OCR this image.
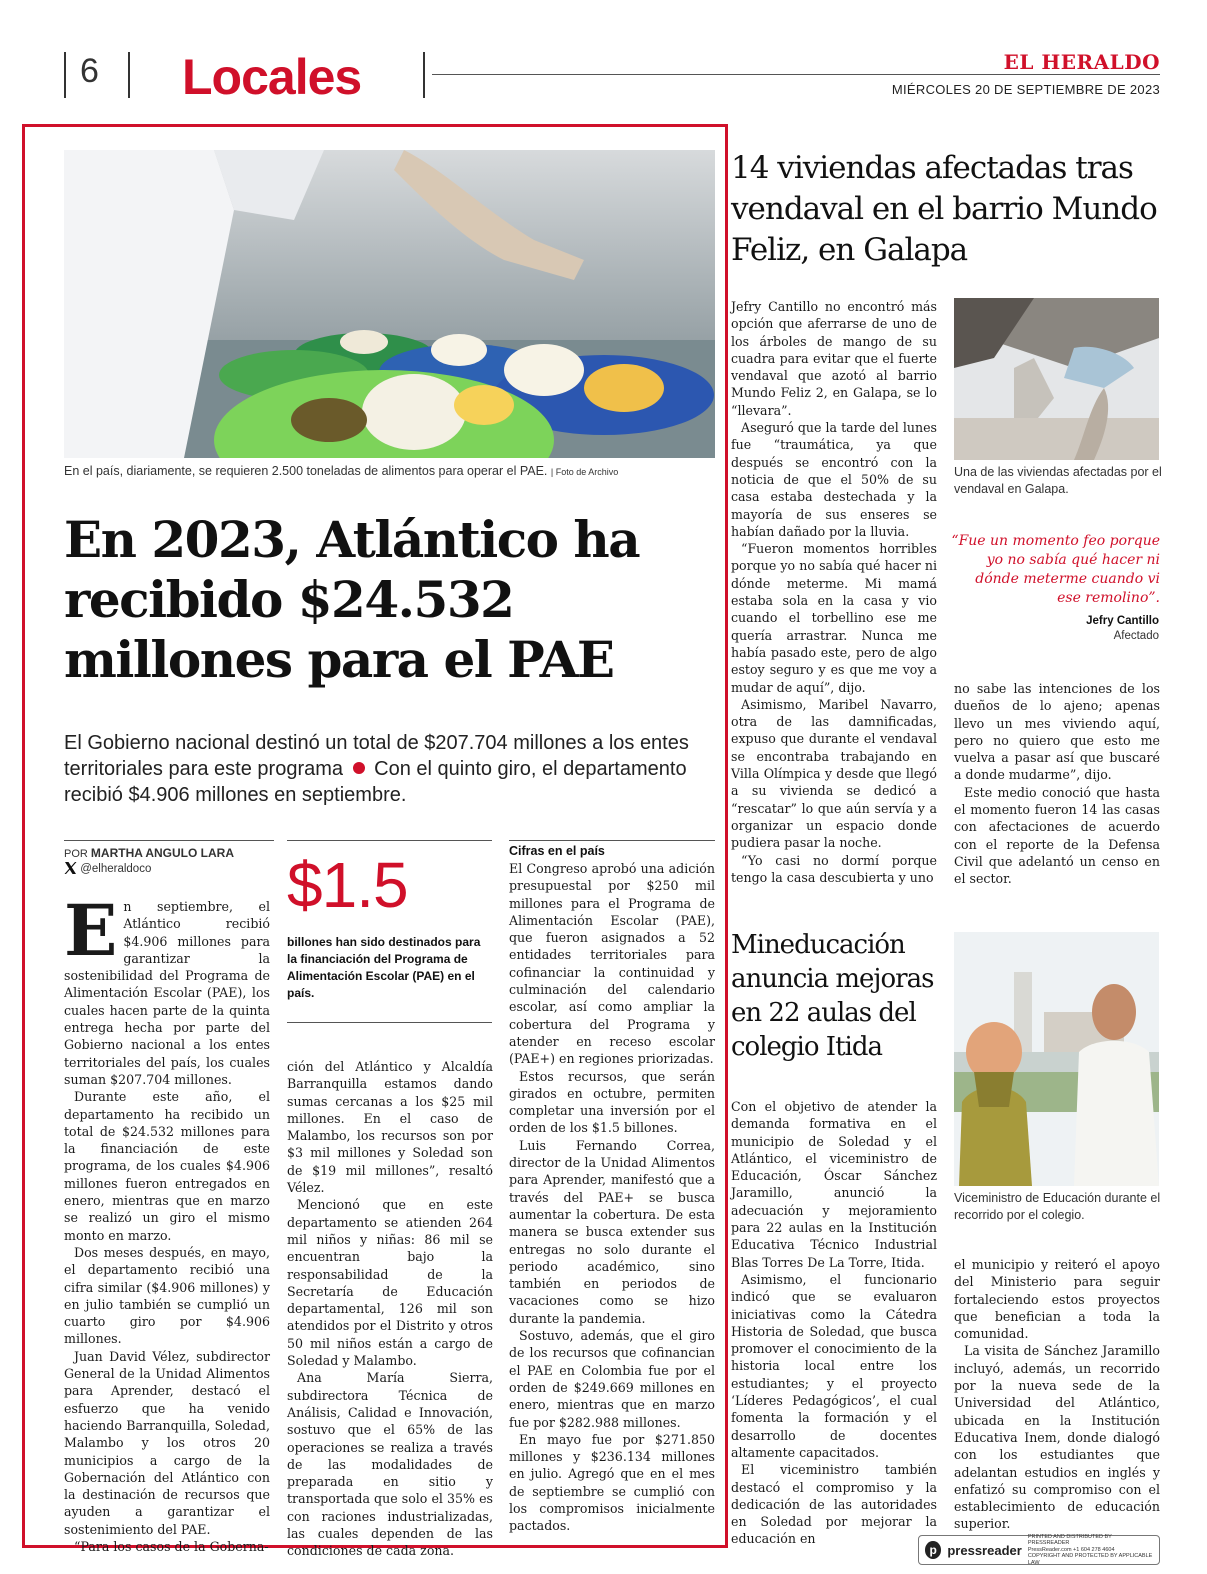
6 Locales	EL HERALDO
MIÉRCOLES 20 DE SEPTIEMBRE DE 2023
En el país, diariamente, se requieren 2.500 toneladas de alimentos para operar el PAE. | Foto de Archivo
En 2023, Atlántico ha recibido $24.532 millones para el PAE
El Gobierno nacional destinó un total de $207.704 millones a los entes territoriales para este programa Con el quinto giro, el departamento recibió $4.906 millones en septiembre.
POR MARTHA ANGULO LARA
@elheraldoco

En septiembre, el Atlántico recibió $4.906 millones para garantizar la sostenibilidad del Programa de Alimentación Escolar (PAE), los cuales hacen parte de la quinta entrega hecha por parte del Gobierno nacional a los entes territoriales del país, los cuales suman $207.704 millones.

Durante este año, el departamento ha recibido un total de $24.532 millones para la financiación de este programa, de los cuales $4.906 millones fueron entregados en enero, mientras que en marzo se realizó un giro el mismo monto en marzo.

Dos meses después, en mayo, el departamento recibió una cifra similar ($4.906 millones) y en julio también se cumplió un cuarto giro por $4.906 millones.

Juan David Vélez, subdirector General de la Unidad Alimentos para Aprender, destacó el esfuerzo que ha venido haciendo Barranquilla, Soledad, Malambo y los otros 20 municipios a cargo de la Gobernación del Atlántico con la destinación de recursos que ayuden a garantizar el sostenimiento del PAE.

“Para los casos de la Goberna-

$1.5
billones han sido destinados para la financiación del Programa de Alimentación Escolar (PAE) en el país.

ción del Atlántico y Alcaldía Barranquilla estamos dando sumas cercanas a los $25 mil millones. En el caso de Malambo, los recursos son por $3 mil millones y Soledad son de $19 mil millones”, resaltó Vélez.

Mencionó que en este departamento se atienden 264 mil niños y niñas: 86 mil se encuentran bajo la responsabilidad de la Secretaría de Educación departamental, 126 mil son atendidos por el Distrito y otros 50 mil niños están a cargo de Soledad y Malambo.

Ana María Sierra, subdirectora Técnica de Análisis, Calidad e Innovación, sostuvo que el 65% de las operaciones se realiza a través de las modalidades de preparada en sitio y transportada que solo el 35% es con raciones industrializadas, las cuales dependen de las condiciones de cada zona.

Cifras en el país

El Congreso aprobó una adición presupuestal por $250 mil millones para el Programa de Alimentación Escolar (PAE), que fueron asignados a 52 entidades territoriales para cofinanciar la continuidad y culminación del calendario escolar, así como ampliar la cobertura del Programa y atender en receso escolar (PAE+) en regiones priorizadas.

Estos recursos, que serán girados en octubre, permiten completar una inversión por el orden de los $1.5 billones.

Luis Fernando Correa, director de la Unidad Alimentos para Aprender, manifestó que a través del PAE+ se busca aumentar la cobertura. De esta manera se busca extender sus entregas no solo durante el periodo académico, sino también en periodos de vacaciones como se hizo durante la pandemia.

Sostuvo, además, que el giro de los recursos que cofinancian el PAE en Colombia fue por el orden de $249.669 millones en enero, mientras que en marzo fue por $282.988 millones.

En mayo fue por $271.850 millones y $236.134 millones en julio. Agregó que en el mes de septiembre se cumplió con los compromisos inicialmente pactados.

14 viviendas afectadas tras vendaval en el barrio Mundo Feliz, en Galapa

Jefry Cantillo no encontró más opción que aferrarse de uno de los árboles de mango de su cuadra para evitar que el fuerte vendaval que azotó al barrio Mundo Feliz 2, en Galapa, se lo “llevara”.

Aseguró que la tarde del lunes fue “traumática, ya que después se encontró con la noticia de que el 50% de su casa estaba destechada y la mayoría de sus enseres se habían dañado por la lluvia.

“Fueron momentos horribles porque yo no sabía qué hacer ni dónde meterme. Mi mamá estaba sola en la casa y vio cuando el torbellino ese me quería arrastrar. Nunca me había pasado este, pero de algo estoy seguro y es que me voy a mudar de aquí”, dijo.

Asimismo, Maribel Navarro, otra de las damnificadas, expuso que durante el vendaval se encontraba trabajando en Villa Olímpica y desde que llegó a su vivienda se dedicó a “rescatar” lo que aún servía y a organizar un espacio donde pudiera pasar la noche.

“Yo casi no dormí porque tengo la casa descubierta y uno

Una de las viviendas afectadas por el vendaval en Galapa.
“Fue un momento feo porque yo no sabía qué hacer ni dónde meterme cuando vi ese remolino”.
Jefry Cantillo
Afectado

no sabe las intenciones de los dueños de lo ajeno; apenas llevo un mes viviendo aquí, pero no quiero que esto me vuelva a pasar así que buscaré a donde mudarme”, dijo.

Este medio conoció que hasta el momento fueron 14 las casas con afectaciones de acuerdo con el reporte de la Defensa Civil que adelantó un censo en el sector.

Mineducación anuncia mejoras en 22 aulas del colegio Itida
Viceministro de Educación durante el recorrido por el colegio.

Con el objetivo de atender la demanda formativa en el municipio de Soledad y el Atlántico, el viceministro de Educación, Óscar Sánchez Jaramillo, anunció la adecuación y mejoramiento para 22 aulas en la Institución Educativa Técnico Industrial Blas Torres De La Torre, Itida.

Asimismo, el funcionario indicó que se evaluaron iniciativas como la Cátedra Historia de Soledad, que busca promover el conocimiento de la historia local entre los estudiantes; y el proyecto ‘Líderes Pedagógicos’, el cual fomenta la formación y el desarrollo de docentes altamente capacitados.

El viceministro también destacó el compromiso y la dedicación de las autoridades en Soledad por mejorar la educación en

el municipio y reiteró el apoyo del Ministerio para seguir fortaleciendo estos proyectos que benefician a toda la comunidad.

La visita de Sánchez Jaramillo incluyó, además, un recorrido por la nueva sede de la Universidad del Atlántico, ubicada en la Institución Educativa Inem, donde dialogó con los estudiantes que adelantan estudios en inglés y enfatizó su compromiso con el establecimiento de educación superior.

p pressreader
PRINTED AND DISTRIBUTED BY PRESSREADER
PressReader.com +1 604 278 4604
COPYRIGHT AND PROTECTED BY APPLICABLE LAW
